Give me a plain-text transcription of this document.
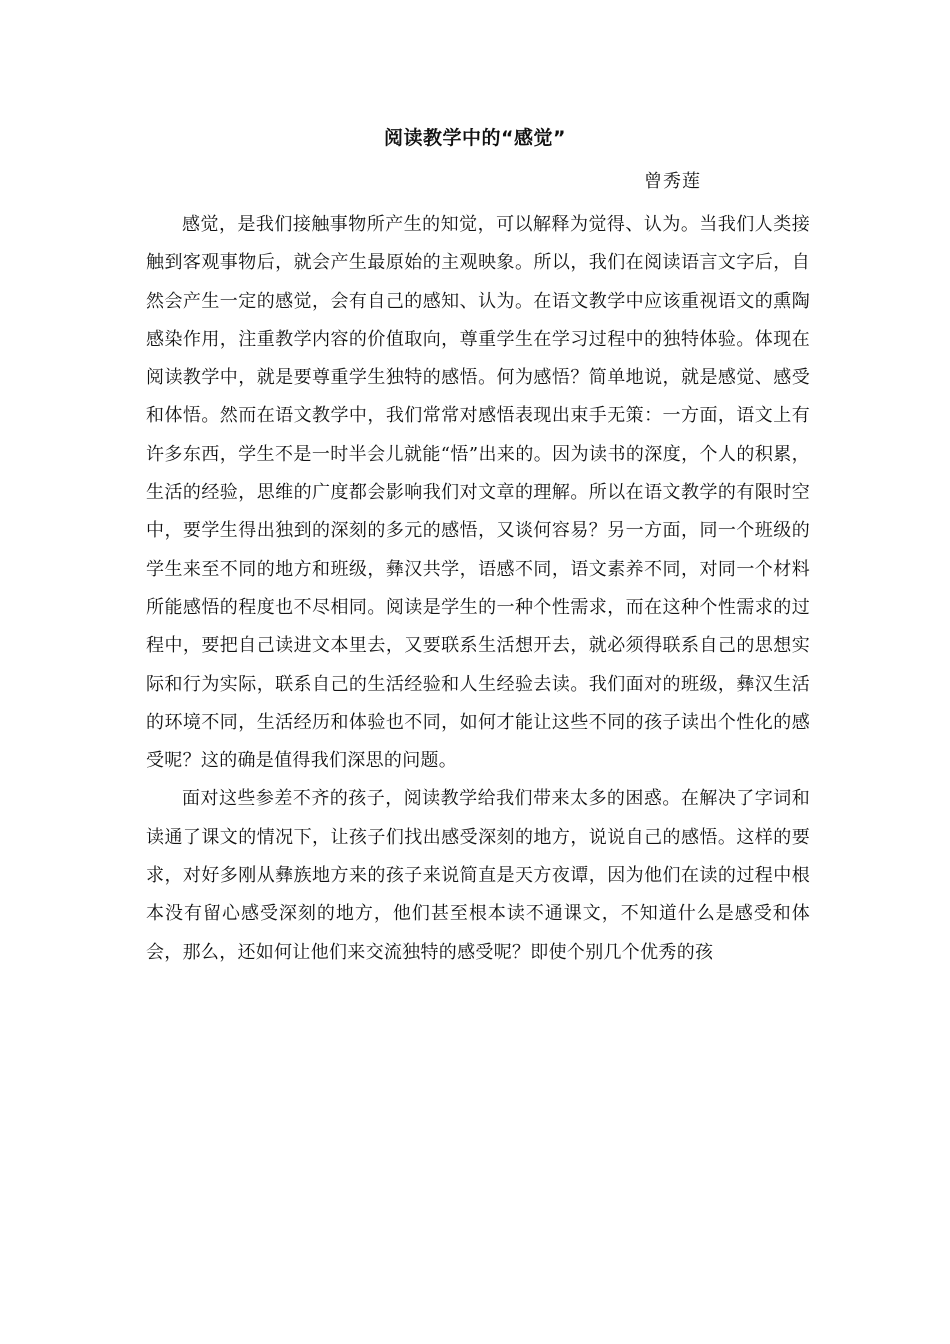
阅读教学中的“感觉”
曾秀莲

感觉，是我们接触事物所产生的知觉，可以解释为觉得、认为。当我们人类接触到客观事物后，就会产生最原始的主观映象。所以，我们在阅读语言文字后，自然会产生一定的感觉，会有自己的感知、认为。在语文教学中应该重视语文的熏陶感染作用，注重教学内容的价值取向，尊重学生在学习过程中的独特体验。体现在阅读教学中，就是要尊重学生独特的感悟。何为感悟？简单地说，就是感觉、感受和体悟。然而在语文教学中，我们常常对感悟表现出束手无策：一方面，语文上有许多东西，学生不是一时半会儿就能“悟”出来的。因为读书的深度，个人的积累，生活的经验，思维的广度都会影响我们对文章的理解。所以在语文教学的有限时空中，要学生得出独到的深刻的多元的感悟，又谈何容易？另一方面，同一个班级的学生来至不同的地方和班级，彝汉共学，语感不同，语文素养不同，对同一个材料所能感悟的程度也不尽相同。阅读是学生的一种个性需求，而在这种个性需求的过程中，要把自己读进文本里去，又要联系生活想开去，就必须得联系自己的思想实际和行为实际，联系自己的生活经验和人生经验去读。我们面对的班级，彝汉生活的环境不同，生活经历和体验也不同，如何才能让这些不同的孩子读出个性化的感受呢？这的确是值得我们深思的问题。

面对这些参差不齐的孩子，阅读教学给我们带来太多的困惑。在解决了字词和读通了课文的情况下，让孩子们找出感受深刻的地方，说说自己的感悟。这样的要求，对好多刚从彝族地方来的孩子来说简直是天方夜谭，因为他们在读的过程中根本没有留心感受深刻的地方，他们甚至根本读不通课文，不知道什么是感受和体会，那么，还如何让他们来交流独特的感受呢？即使个别几个优秀的孩
